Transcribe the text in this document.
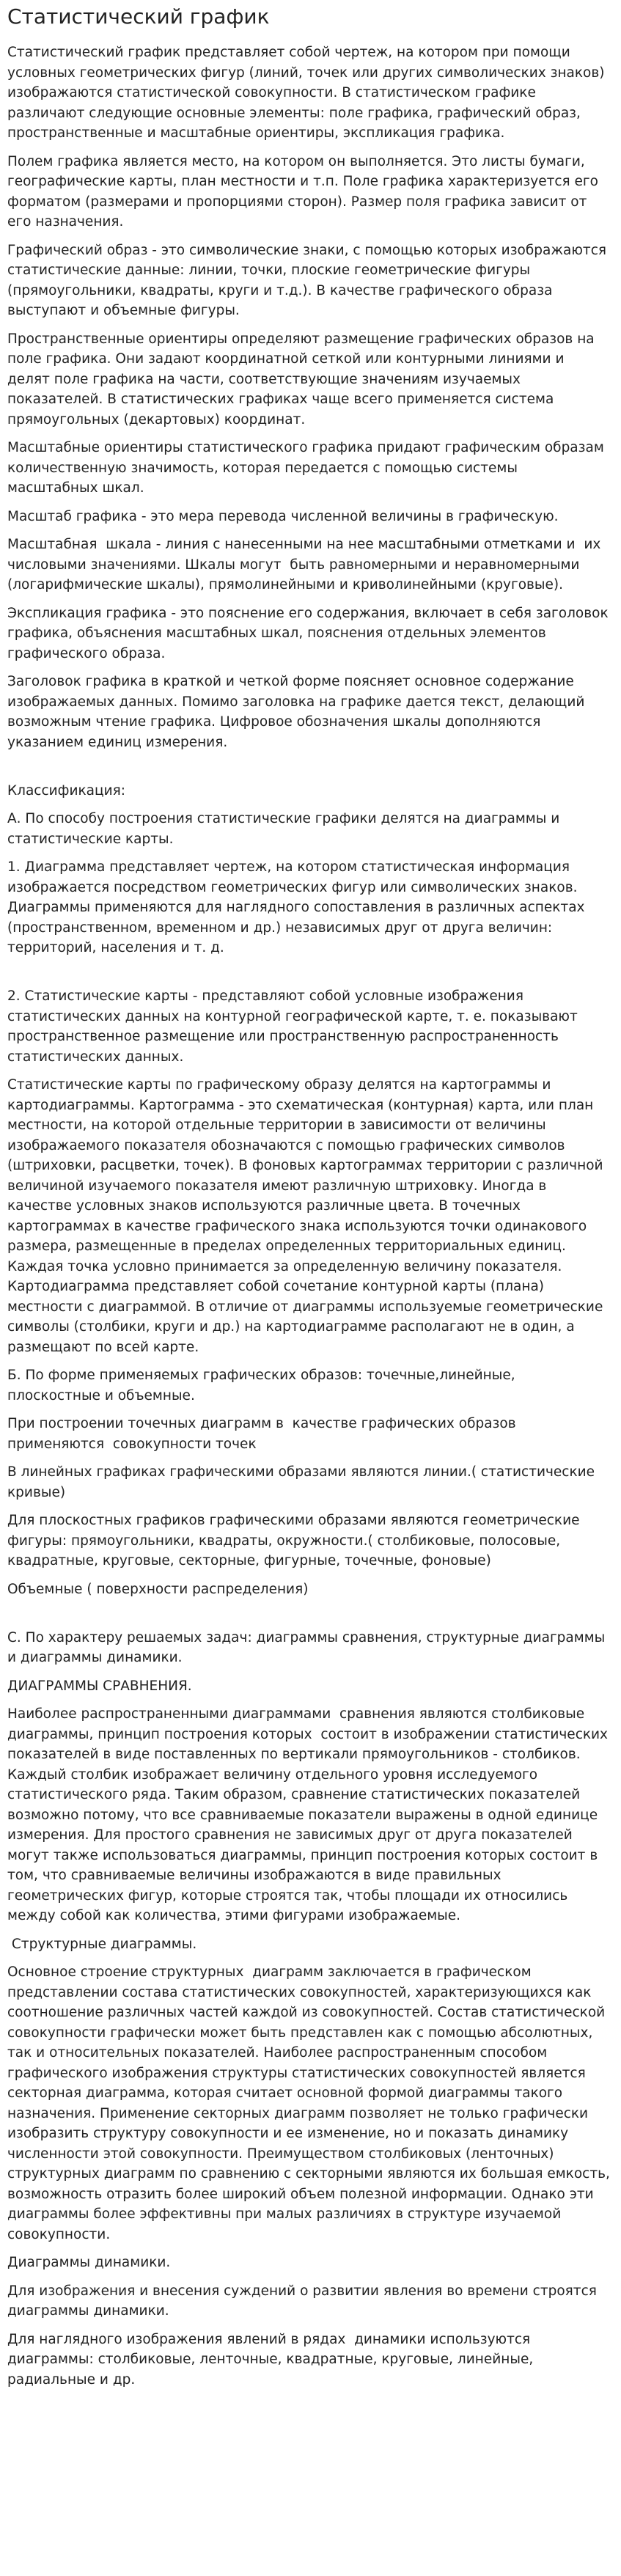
Статистический график

Статистический график представляет собой чертеж, на котором при помощи условных геометрических фигур (линий, точек или других символических знаков) изображаются статистической совокупности. В статистическом графике различают следующие основные элементы: поле графика, графический образ, пространственные и масштабные ориентиры, экспликация графика.

Полем графика является место, на котором он выполняется. Это листы бумаги, географические карты, план местности и т.п. Поле графика характеризуется его форматом (размерами и пропорциями сторон). Размер поля графика зависит от его назначения.

Графический образ - это символические знаки, с помощью которых изображаются статистические данные: линии, точки, плоские геометрические фигуры (прямоугольники, квадраты, круги и т.д.). В качестве графического образа выступают и объемные фигуры.

Пространственные ориентиры определяют размещение графических образов на поле графика. Они задают координатной сеткой или контурными линиями и делят поле графика на части, соответствующие значениям изучаемых показателей. В статистических графиках чаще всего применяется система прямоугольных (декартовых) координат.

Масштабные ориентиры статистического графика придают графическим образам количественную значимость, которая передается с помощью системы масштабных шкал.

Масштаб графика - это мера перевода численной величины в графическую.

Масштабная  шкала - линия с нанесенными на нее масштабными отметками и  их числовыми значениями. Шкалы могут  быть равномерными и неравномерными (логарифмические шкалы), прямолинейными и криволинейными (круговые).

Экспликация графика - это пояснение его содержания, включает в себя заголовок графика, объяснения масштабных шкал, пояснения отдельных элементов графического образа.

Заголовок графика в краткой и четкой форме поясняет основное содержание изображаемых данных. Помимо заголовка на графике дается текст, делающий возможным чтение графика. Цифровое обозначения шкалы дополняются указанием единиц измерения.

Классификация:

А. По способу построения статистические графики делятся на диаграммы и статистические карты.

1. Диаграмма представляет чертеж, на котором статистическая информация изображается посредством геометрических фигур или символических знаков. Диаграммы применяются для наглядного сопоставления в различных аспектах (пространственном, временном и др.) независимых друг от друга величин: территорий, населения и т. д.

2. Статистические карты - представляют собой условные изображения статистических данных на контурной географической карте, т. е. показывают пространственное размещение или пространственную распространенность статистических данных.

Статистические карты по графическому образу делятся на картограммы и картодиаграммы. Картограмма - это схематическая (контурная) карта, или план местности, на которой отдельные территории в зависимости от величины изображаемого показателя обозначаются с помощью графических символов (штриховки, расцветки, точек). В фоновых картограммах территории с различной величиной изучаемого показателя имеют различную штриховку. Иногда в качестве условных знаков используются различные цвета. В точечных картограммах в качестве графического знака используются точки одинакового размера, размещенные в пределах определенных территориальных единиц. Каждая точка условно принимается за определенную величину показателя. Картодиаграмма представляет собой сочетание контурной карты (плана) местности с диаграммой. В отличие от диаграммы используемые геометрические символы (столбики, круги и др.) на картодиаграмме располагают не в один, а размещают по всей карте.

Б. По форме применяемых графических образов: точечные,линейные, плоскостные и объемные.

При построении точечных диаграмм в  качестве графических образов применяются  совокупности точек

В линейных графиках графическими образами являются линии.( статистические кривые)

Для плоскостных графиков графическими образами являются геометрические фигуры: прямоугольники, квадраты, окружности.( столбиковые, полосовые, квадратные, круговые, секторные, фигурные, точечные, фоновые)

Объемные ( поверхности распределения)

С. По характеру решаемых задач: диаграммы сравнения, структурные диаграммы и диаграммы динамики.

ДИАГРАММЫ СРАВНЕНИЯ.

Наиболее распространенными диаграммами  сравнения являются столбиковые диаграммы, принцип построения которых  состоит в изображении статистических показателей в виде поставленных по вертикали прямоугольников - столбиков. Каждый столбик изображает величину отдельного уровня исследуемого статистического ряда. Таким образом, сравнение статистических показателей возможно потому, что все сравниваемые показатели выражены в одной единице измерения. Для простого сравнения не зависимых друг от друга показателей могут также использоваться диаграммы, принцип построения которых состоит в том, что сравниваемые величины изображаются в виде правильных геометрических фигур, которые строятся так, чтобы площади их относились между собой как количества, этими фигурами изображаемые.

Структурные диаграммы.

Основное строение структурных  диаграмм заключается в графическом представлении состава статистических совокупностей, характеризующихся как соотношение различных частей каждой из совокупностей. Состав статистической совокупности графически может быть представлен как с помощью абсолютных, так и относительных показателей. Наиболее распространенным способом графического изображения структуры статистических совокупностей является секторная диаграмма, которая считает основной формой диаграммы такого назначения. Применение секторных диаграмм позволяет не только графически изобразить структуру совокупности и ее изменение, но и показать динамику численности этой совокупности. Преимуществом столбиковых (ленточных) структурных диаграмм по сравнению с секторными являются их большая емкость, возможность отразить более широкий объем полезной информации. Однако эти диаграммы более эффективны при малых различиях в структуре изучаемой совокупности.

Диаграммы динамики.

Для изображения и внесения суждений о развитии явления во времени строятся диаграммы динамики.

Для наглядного изображения явлений в рядах  динамики используются диаграммы: столбиковые, ленточные, квадратные, круговые, линейные, радиальные и др.
